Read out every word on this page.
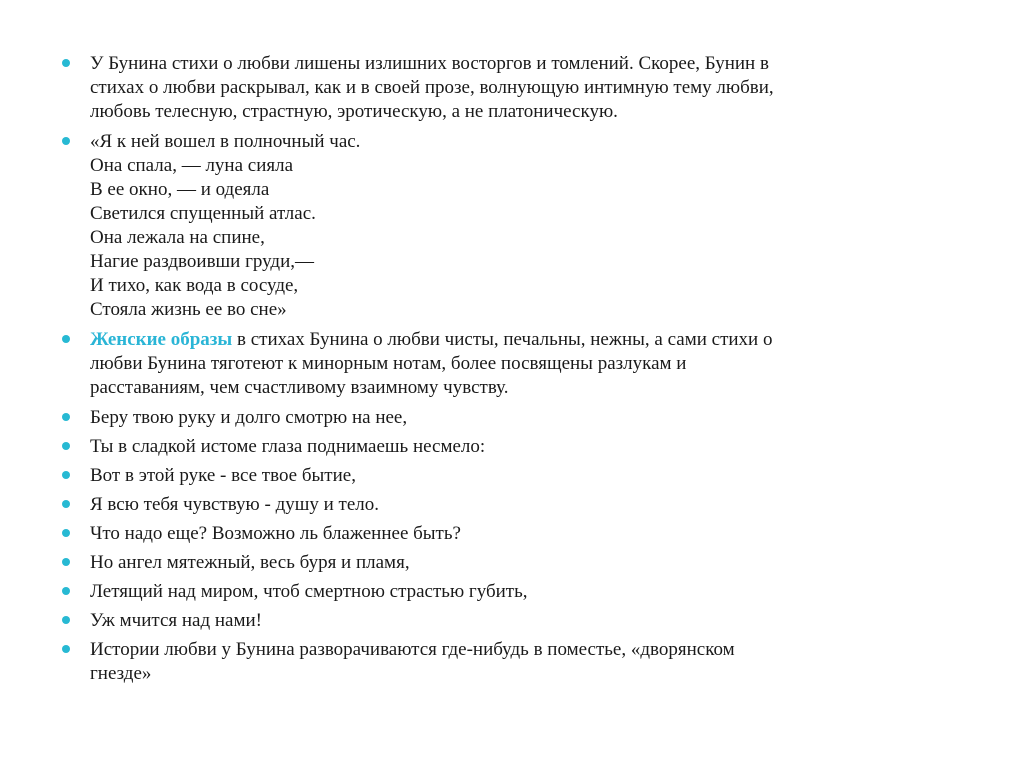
У Бунина стихи о любви лишены излишних восторгов и томлений. Скорее, Бунин в
стихах о любви раскрывал, как и в своей прозе, волнующую интимную тему любви,
любовь телесную, страстную, эротическую, а не платоническую.
«Я к ней вошел в полночный час.
Она спала, — луна сияла
В ее окно, — и одеяла
Светился спущенный атлас.
Она лежала на спине,
Нагие раздвоивши груди,—
И тихо, как вода в сосуде,
Стояла жизнь ее во сне»
Женские образы в стихах Бунина о любви чисты, печальны, нежны, а сами стихи о
любви Бунина тяготеют к минорным нотам, более посвящены разлукам и
расставаниям, чем счастливому взаимному чувству.
Беру твою руку и долго смотрю на нее,
Ты в сладкой истоме глаза поднимаешь несмело:
Вот в этой руке - все твое бытие,
Я всю тебя чувствую - душу и тело.
Что надо еще? Возможно ль блаженнее быть?
Но ангел мятежный, весь буря и пламя,
Летящий над миром, чтоб смертною страстью губить,
Уж мчится над нами!
Истории любви у Бунина разворачиваются где-нибудь в поместье, «дворянском
гнезде»
